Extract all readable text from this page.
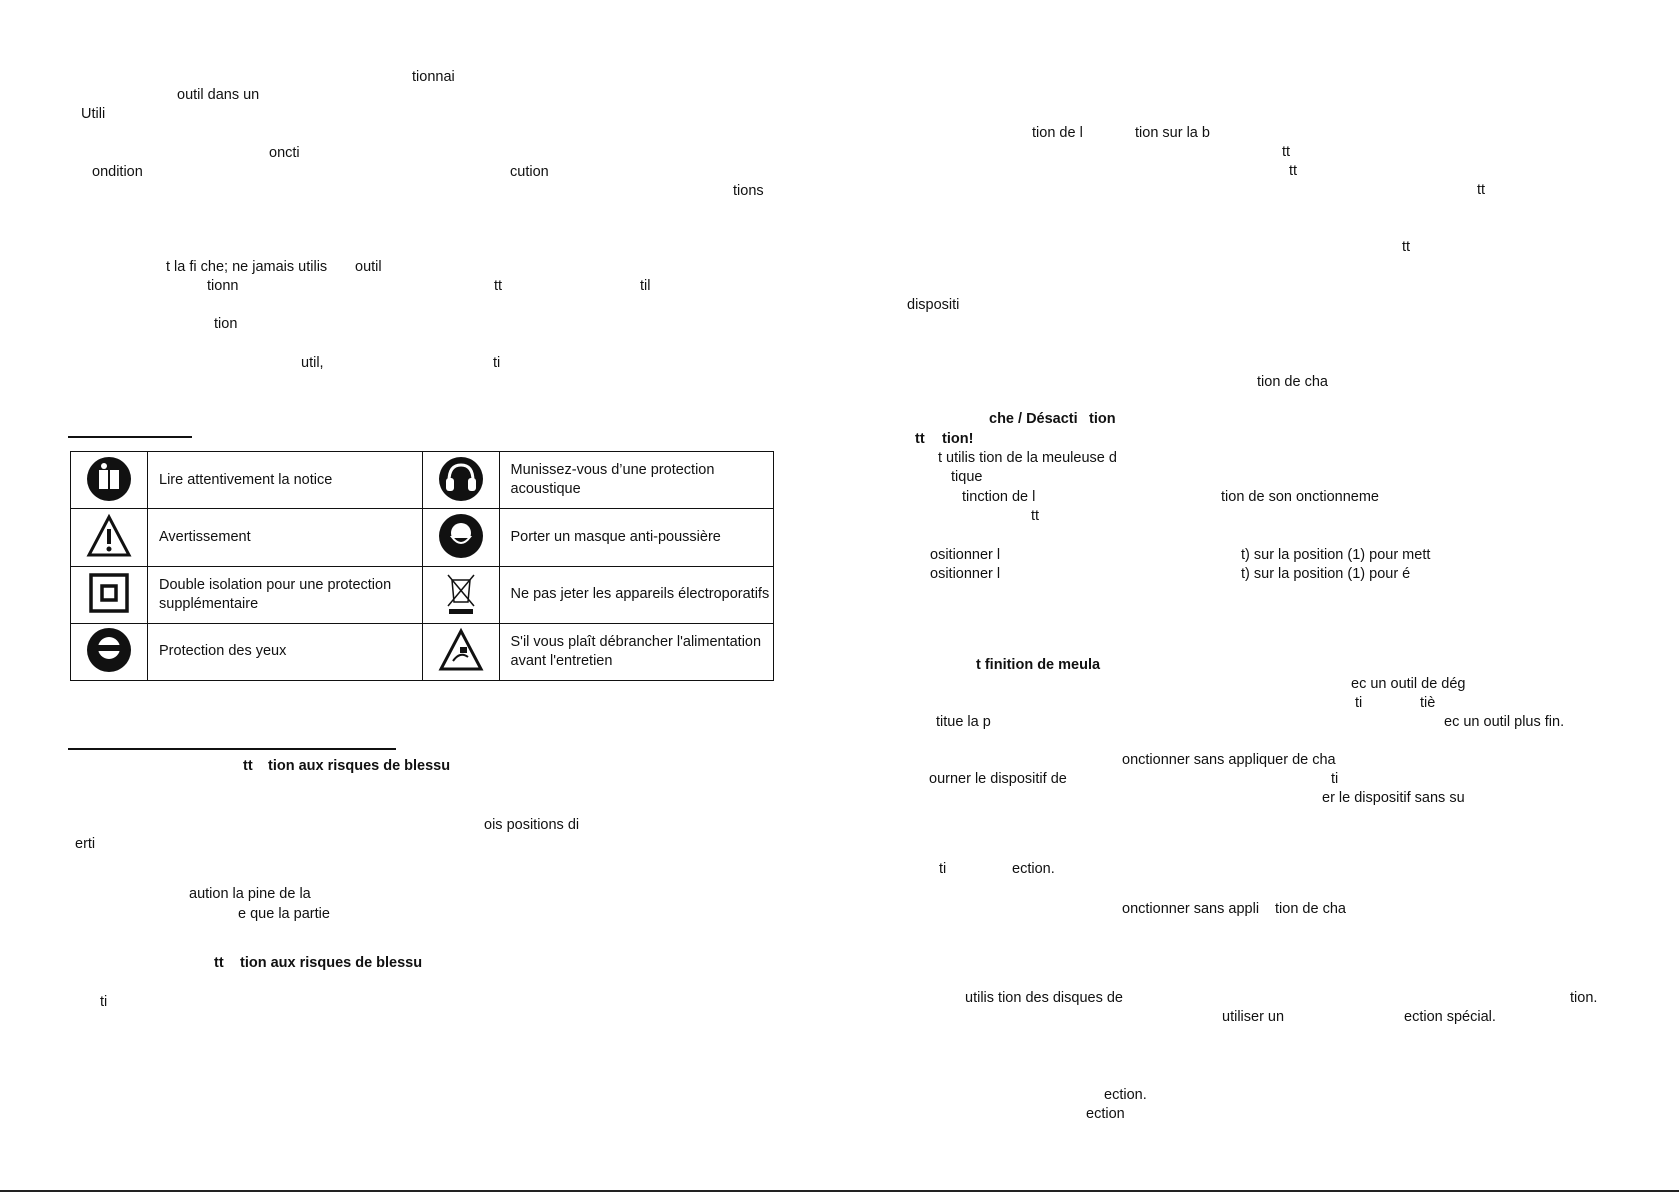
tionnai
outil dans un
Utili
oncti
ondition	cution
tions
t la fi che; ne jamais utilis outil
tionn	tt	til
tion
util,	ti
	Lire attentivement la notice		Munissez-vous d’une protection acoustique

	Avertissement		Porter un masque anti-poussière

	Double isolation pour une protection supplémentaire		Ne pas jeter les appareils électroporatifs

	Protection des yeux		S'il vous plaît débrancher l'alimentation avant l'entretien
tt tion aux risques de blessu
ois positions di
erti
aution la pine de la
e que la partie
tt tion aux risques de blessu
ti
tion de l	tion sur la b
tt
tt
tt
tt
dispositi
tion de cha
che / Désacti tion
tt tion!
t utilis tion de la meuleuse d
tique
tinction de l	tion de son onctionneme
tt
ositionner l	t) sur la position (1) pour mett
ositionner l	t) sur la position (1) pour é
t finition de meula
ec un outil de dég
ti	tiè
titue la p	ec un outil plus fin.
onctionner sans appliquer de cha
ourner le dispositif de	ti
er le dispositif sans su
ti	ection.
onctionner sans appli tion de cha
utilis tion des disques de	tion.
utiliser un	ection spécial.
ection.
ection
